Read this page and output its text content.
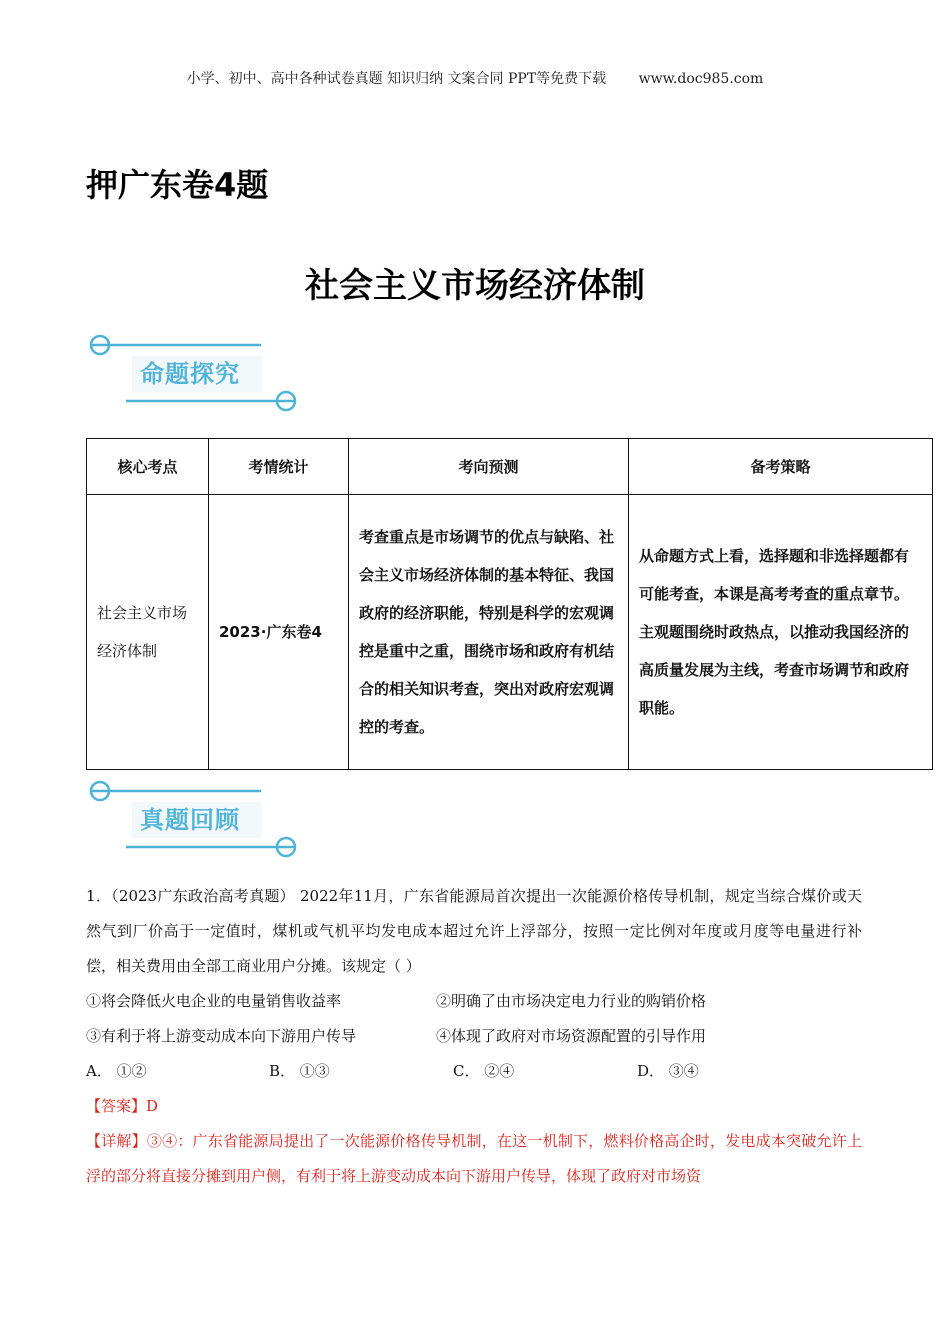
小学、初中、高中各种试卷真题 知识归纳 文案合同 PPT等免费下载 www.doc985.com
押广东卷4题
社会主义市场经济体制
命题探究
核心考点	考情统计	考向预测	备考策略
社会主义市场经济体制	2023·广东卷4	考查重点是市场调节的优点与缺陷、社会主义市场经济体制的基本特征、我国政府的经济职能，特别是科学的宏观调控是重中之重，围绕市场和政府有机结合的相关知识考查，突出对政府宏观调控的考查。	从命题方式上看，选择题和非选择题都有可能考查，本课是高考考查的重点章节。主观题围绕时政热点，以推动我国经济的高质量发展为主线，考查市场调节和政府职能。
真题回顾
1．（2023广东政治高考真题） 2022年11月，广东省能源局首次提出一次能源价格传导机制，规定当综合煤价或天然气到厂价高于一定值时，煤机或气机平均发电成本超过允许上浮部分，按照一定比例对年度或月度等电量进行补偿，相关费用由全部工商业用户分摊。该规定（ ）
①将会降低火电企业的电量销售收益率	②明确了由市场决定电力行业的购销价格
③有利于将上游变动成本向下游用户传导	④体现了政府对市场资源配置的引导作用
A． ①②	B． ①③	C． ②④	D． ③④
【答案】D
【详解】③④：广东省能源局提出了一次能源价格传导机制，在这一机制下，燃料价格高企时，发电成本突破允许上浮的部分将直接分摊到用户侧，有利于将上游变动成本向下游用户传导，体现了政府对市场资
